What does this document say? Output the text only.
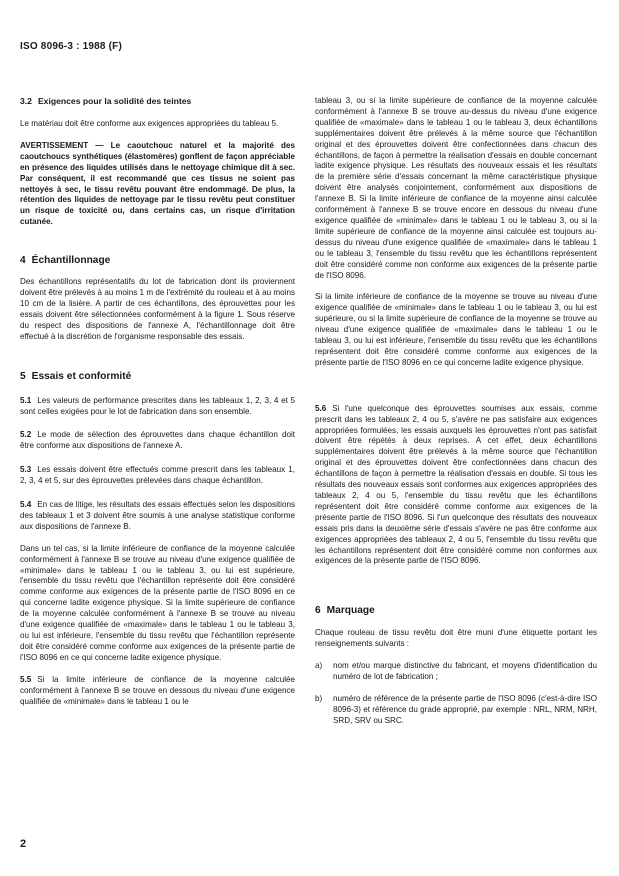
ISO 8096-3 : 1988 (F)
3.2 Exigences pour la solidité des teintes

Le matériau doit être conforme aux exigences appropriées du tableau 5.

AVERTISSEMENT — Le caoutchouc naturel et la majorité des caoutchoucs synthétiques (élastomères) gonflent de façon appréciable en présence des liquides utilisés dans le nettoyage chimique dit à sec. Par conséquent, il est recommandé que ces tissus ne soient pas nettoyés à sec, le tissu revêtu pouvant être endommagé. De plus, la rétention des liquides de nettoyage par le tissu revêtu peut constituer un risque de toxicité ou, dans certains cas, un risque d'irritation cutanée.

4 Échantillonnage

Des échantillons représentatifs du lot de fabrication dont ils proviennent doivent être prélevés à au moins 1 m de l'extrémité du rouleau et à au moins 10 cm de la lisière. A partir de ces échantillons, des éprouvettes pour les essais doivent être sélectionnées conformément à la figure 1. Sous réserve du respect des dispositions de l'annexe A, l'échantillonnage doit être effectué à la discrétion de l'organisme responsable des essais.

5 Essais et conformité

5.1 Les valeurs de performance prescrites dans les tableaux 1, 2, 3, 4 et 5 sont celles exigées pour le lot de fabrication dans son ensemble.

5.2 Le mode de sélection des éprouvettes dans chaque échantillon doit être conforme aux dispositions de l'annexe A.

5.3 Les essais doivent être effectués comme prescrit dans les tableaux 1, 2, 3, 4 et 5, sur des éprouvettes prélevées dans chaque échantillon.

5.4 En cas de litige, les résultats des essais effectués selon les dispositions des tableaux 1 et 3 doivent être soumis à une analyse statistique conforme aux dispositions de l'annexe B.

Dans un tel cas, si la limite inférieure de confiance de la moyenne calculée conformément à l'annexe B se trouve au niveau d'une exigence qualifiée de «minimale» dans le tableau 1 ou le tableau 3, ou lui est supérieure, l'ensemble du tissu revêtu que l'échantillon représente doit être considéré comme conforme aux exigences de la présente partie de l'ISO 8096 en ce qui concerne ladite exigence physique. Si la limite supérieure de confiance de la moyenne calculée conformément à l'annexe B se trouve au niveau d'une exigence qualifiée de «maximale» dans le tableau 1 ou le tableau 3, ou lui est inférieure, l'ensemble du tissu revêtu que l'échantillon représente doit être considéré comme conforme aux exigences de la présente partie de l'ISO 8096 en ce qui concerne ladite exigence physique.

5.5 Si la limite inférieure de confiance de la moyenne calculée conformément à l'annexe B se trouve en dessous du niveau d'une exigence qualifiée de «minimale» dans le tableau 1 ou le

tableau 3, ou si la limite supérieure de confiance de la moyenne calculée conformément à l'annexe B se trouve au-dessus du niveau d'une exigence qualifiée de «maximale» dans le tableau 1 ou le tableau 3, deux échantillons supplémentaires doivent être prélevés à la même source que l'échantillon original et des éprouvettes doivent être confectionnées dans chacun des échantillons, de façon à permettre la réalisation d'essais en double concernant ladite exigence physique. Les résultats des nouveaux essais et les résultats de la première série d'essais concernant la même caractéristique physique doivent être analysés conjointement, conformément aux dispositions de l'annexe B. Si la limite inférieure de confiance de la moyenne ainsi calculée conformément à l'annexe B se trouve encore en dessous du niveau d'une exigence qualifiée de «minimale» dans le tableau 1 ou le tableau 3, ou si la limite supérieure de confiance de la moyenne ainsi calculée est toujours au-dessus du niveau d'une exigence qualifiée de «maximale» dans le tableau 1 ou le tableau 3, l'ensemble du tissu revêtu que les échantillons représentent doit être considéré comme non conforme aux exigences de la présente partie de l'ISO 8096.

Si la limite inférieure de confiance de la moyenne se trouve au niveau d'une exigence qualifiée de «minimale» dans le tableau 1 ou le tableau 3, ou lui est supérieure, ou si la limite supérieure de confiance de la moyenne se trouve au niveau d'une exigence qualifiée de «maximale» dans le tableau 1 ou le tableau 3, ou lui est inférieure, l'ensemble du tissu revêtu que les échantillons représentent doit être considéré comme conforme aux exigences de la présente partie de l'ISO 8096 en ce qui concerne ladite exigence physique.

5.6 Si l'une quelconque des éprouvettes soumises aux essais, comme prescrit dans les tableaux 2, 4 ou 5, s'avère ne pas satisfaire aux exigences appropriées formulées, les essais auxquels les éprouvettes n'ont pas satisfait doivent être répétés à deux reprises. A cet effet, deux échantillons supplémentaires doivent être prélevés à la même source que l'échantillon original et des éprouvettes doivent être confectionnées dans chacun des échantillons de façon à permettre la réalisation d'essais en double. Si tous les résultats des nouveaux essais sont conformes aux exigences appropriées des tableaux 2, 4 ou 5, l'ensemble du tissu revêtu que les échantillons représentent doit être considéré comme conforme aux exigences de la présente partie de l'ISO 8096. Si l'un quelconque des résultats des nouveaux essais pris dans la deuxième série d'essais s'avère ne pas être conforme aux exigences appropriées des tableaux 2, 4 ou 5, l'ensemble du tissu revêtu que les échantillons représentent doit être considéré comme non conformes aux exigences de la présente partie de l'ISO 8096.

6 Marquage

Chaque rouleau de tissu revêtu doit être muni d'une étiquette portant les renseignements suivants :

a)	nom et/ou marque distinctive du fabricant, et moyens d'identification du numéro de lot de fabrication ;

b)	numéro de référence de la présente partie de l'ISO 8096 (c'est-à-dire ISO 8096-3) et référence du grade approprié, par exemple : NRL, NRM, NRH, SRD, SRV ou SRC.

2
